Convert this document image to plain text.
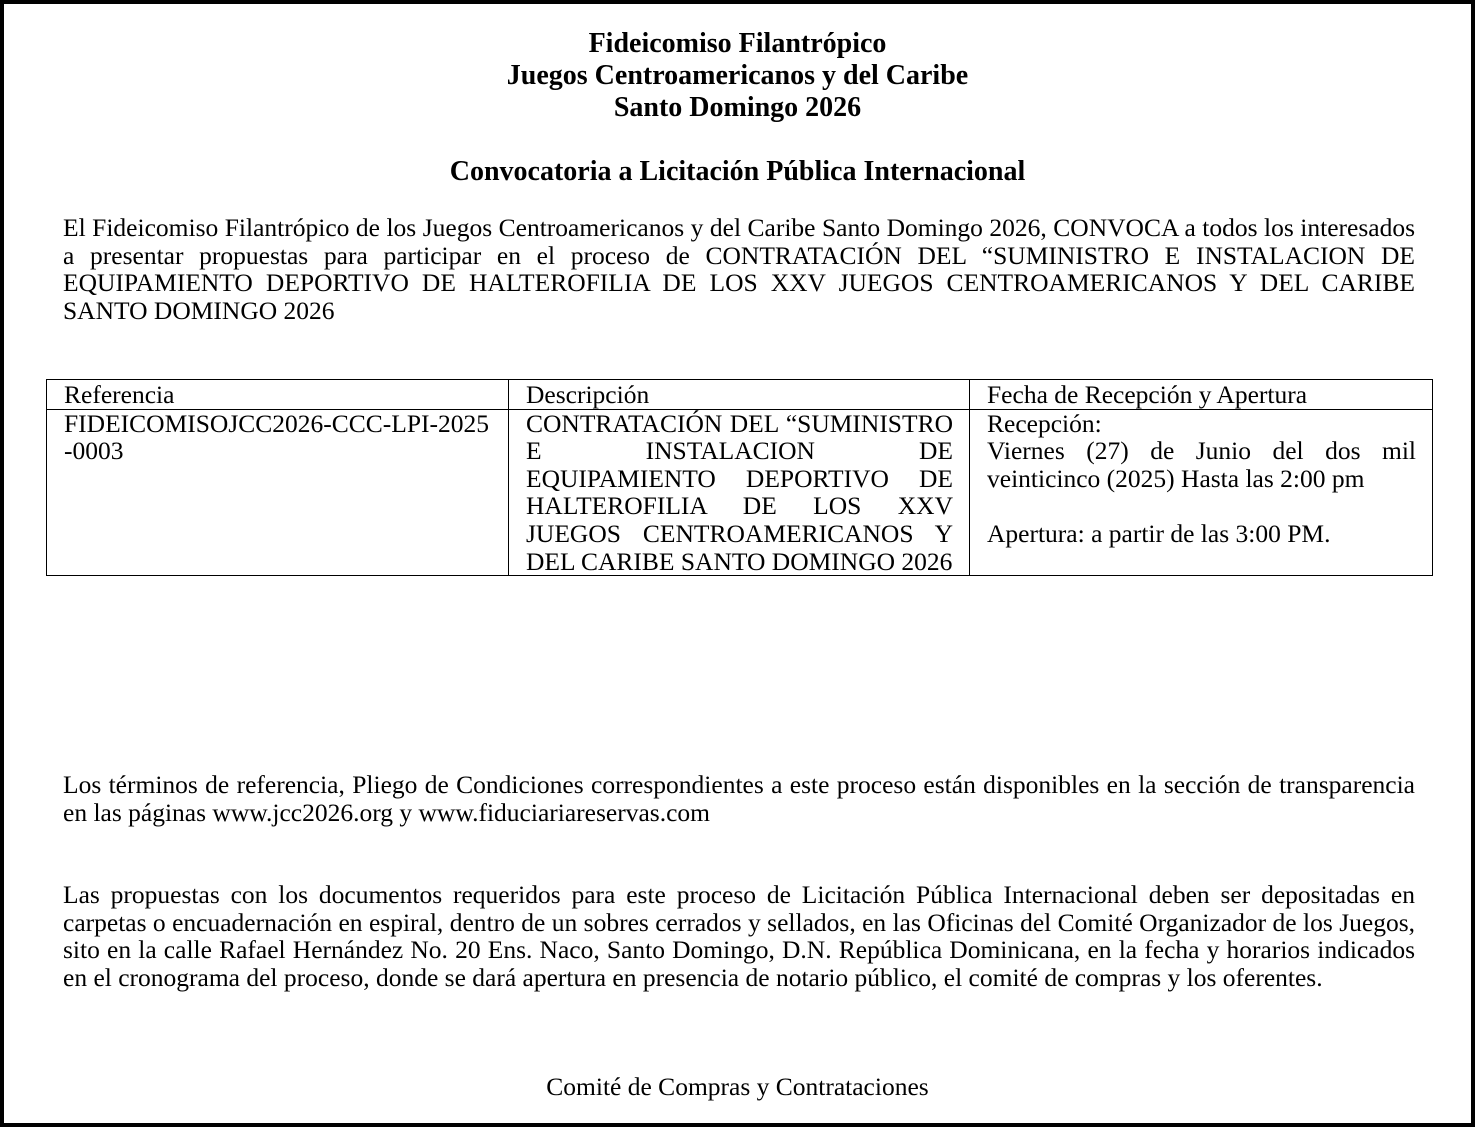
Fideicomiso Filantrópico
Juegos Centroamericanos y del Caribe
Santo Domingo 2026
Convocatoria a Licitación Pública Internacional
El Fideicomiso Filantrópico de los Juegos Centroamericanos y del Caribe Santo Domingo 2026, CONVOCA a todos los interesados a presentar propuestas para participar en el proceso de CONTRATACIÓN DEL “SUMINISTRO E INSTALACION DE EQUIPAMIENTO DEPORTIVO DE HALTEROFILIA DE LOS XXV JUEGOS CENTROAMERICANOS Y DEL CARIBE SANTO DOMINGO 2026
Referencia	Descripción	Fecha de Recepción y Apertura
FIDEICOMISOJCC2026-CCC-LPI-2025-0003	CONTRATACIÓN DEL “SUMINISTRO E INSTALACION DE EQUIPAMIENTO DEPORTIVO DE HALTEROFILIA DE LOS XXV JUEGOS CENTROAMERICANOS Y DEL CARIBE SANTO DOMINGO 2026	Recepción:
Viernes (27) de Junio del dos mil veinticinco (2025) Hasta las 2:00 pm
Apertura: a partir de las 3:00 PM.
Los términos de referencia, Pliego de Condiciones correspondientes a este proceso están disponibles en la sección de transparencia en las páginas www.jcc2026.org y www.fiduciariareservas.com
Las propuestas con los documentos requeridos para este proceso de Licitación Pública Internacional deben ser depositadas en carpetas o encuadernación en espiral, dentro de un sobres cerrados y sellados, en las Oficinas del Comité Organizador de los Juegos, sito en la calle Rafael Hernández No. 20 Ens. Naco, Santo Domingo, D.N. República Dominicana, en la fecha y horarios indicados en el cronograma del proceso, donde se dará apertura en presencia de notario público, el comité de compras y los oferentes.
Comité de Compras y Contrataciones
